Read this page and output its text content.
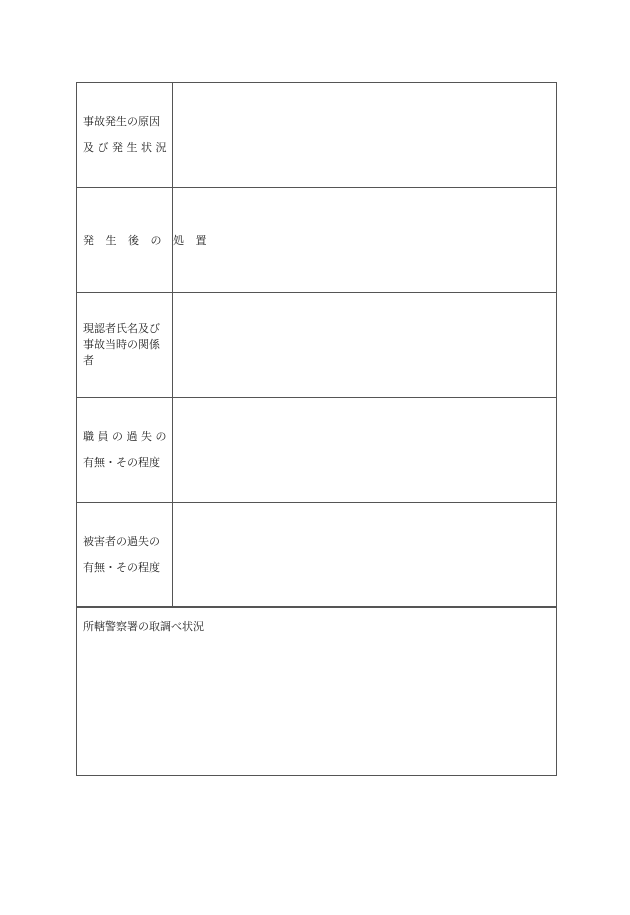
事故発生の原因
及 び 発 生 状 況
発 生 後 の 処 置
現認者氏名及び
事故当時の関係
者
職 員 の 過 失 の
有無・その程度
被害者の過失の
有無・その程度
所轄警察署の取調べ状況
